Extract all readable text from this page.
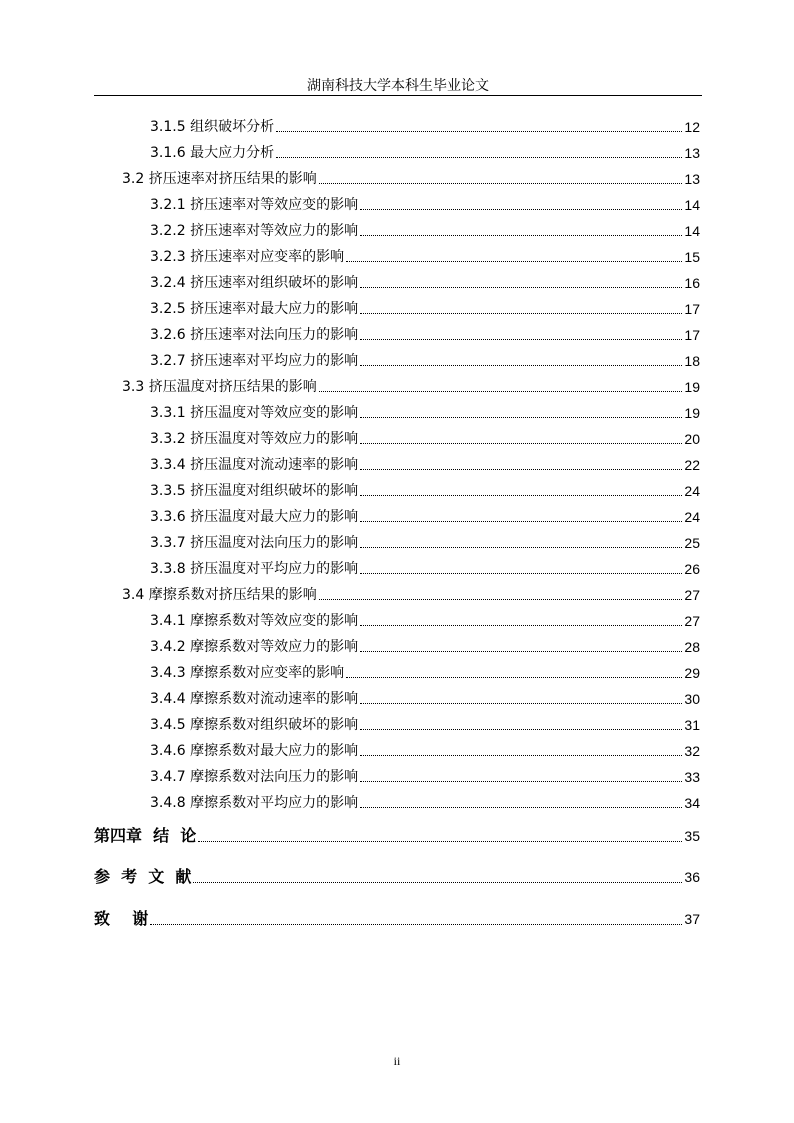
湖南科技大学本科生毕业论文
3.1.5 组织破坏分析	12
3.1.6 最大应力分析	13
3.2 挤压速率对挤压结果的影响	13
3.2.1 挤压速率对等效应变的影响	14
3.2.2 挤压速率对等效应力的影响	14
3.2.3 挤压速率对应变率的影响	15
3.2.4 挤压速率对组织破坏的影响	16
3.2.5 挤压速率对最大应力的影响	17
3.2.6 挤压速率对法向压力的影响	17
3.2.7 挤压速率对平均应力的影响	18
3.3 挤压温度对挤压结果的影响	19
3.3.1 挤压温度对等效应变的影响	19
3.3.2 挤压温度对等效应力的影响	20
3.3.4 挤压温度对流动速率的影响	22
3.3.5 挤压温度对组织破坏的影响	24
3.3.6 挤压温度对最大应力的影响	24
3.3.7 挤压温度对法向压力的影响	25
3.3.8 挤压温度对平均应力的影响	26
3.4 摩擦系数对挤压结果的影响	27
3.4.1 摩擦系数对等效应变的影响	27
3.4.2 摩擦系数对等效应力的影响	28
3.4.3 摩擦系数对应变率的影响	29
3.4.4 摩擦系数对流动速率的影响	30
3.4.5 摩擦系数对组织破坏的影响	31
3.4.6 摩擦系数对最大应力的影响	32
3.4.7 摩擦系数对法向压力的影响	33
3.4.8 摩擦系数对平均应力的影响	34
第四章  结  论	35
参  考  文  献	36
致    谢	37
ii
